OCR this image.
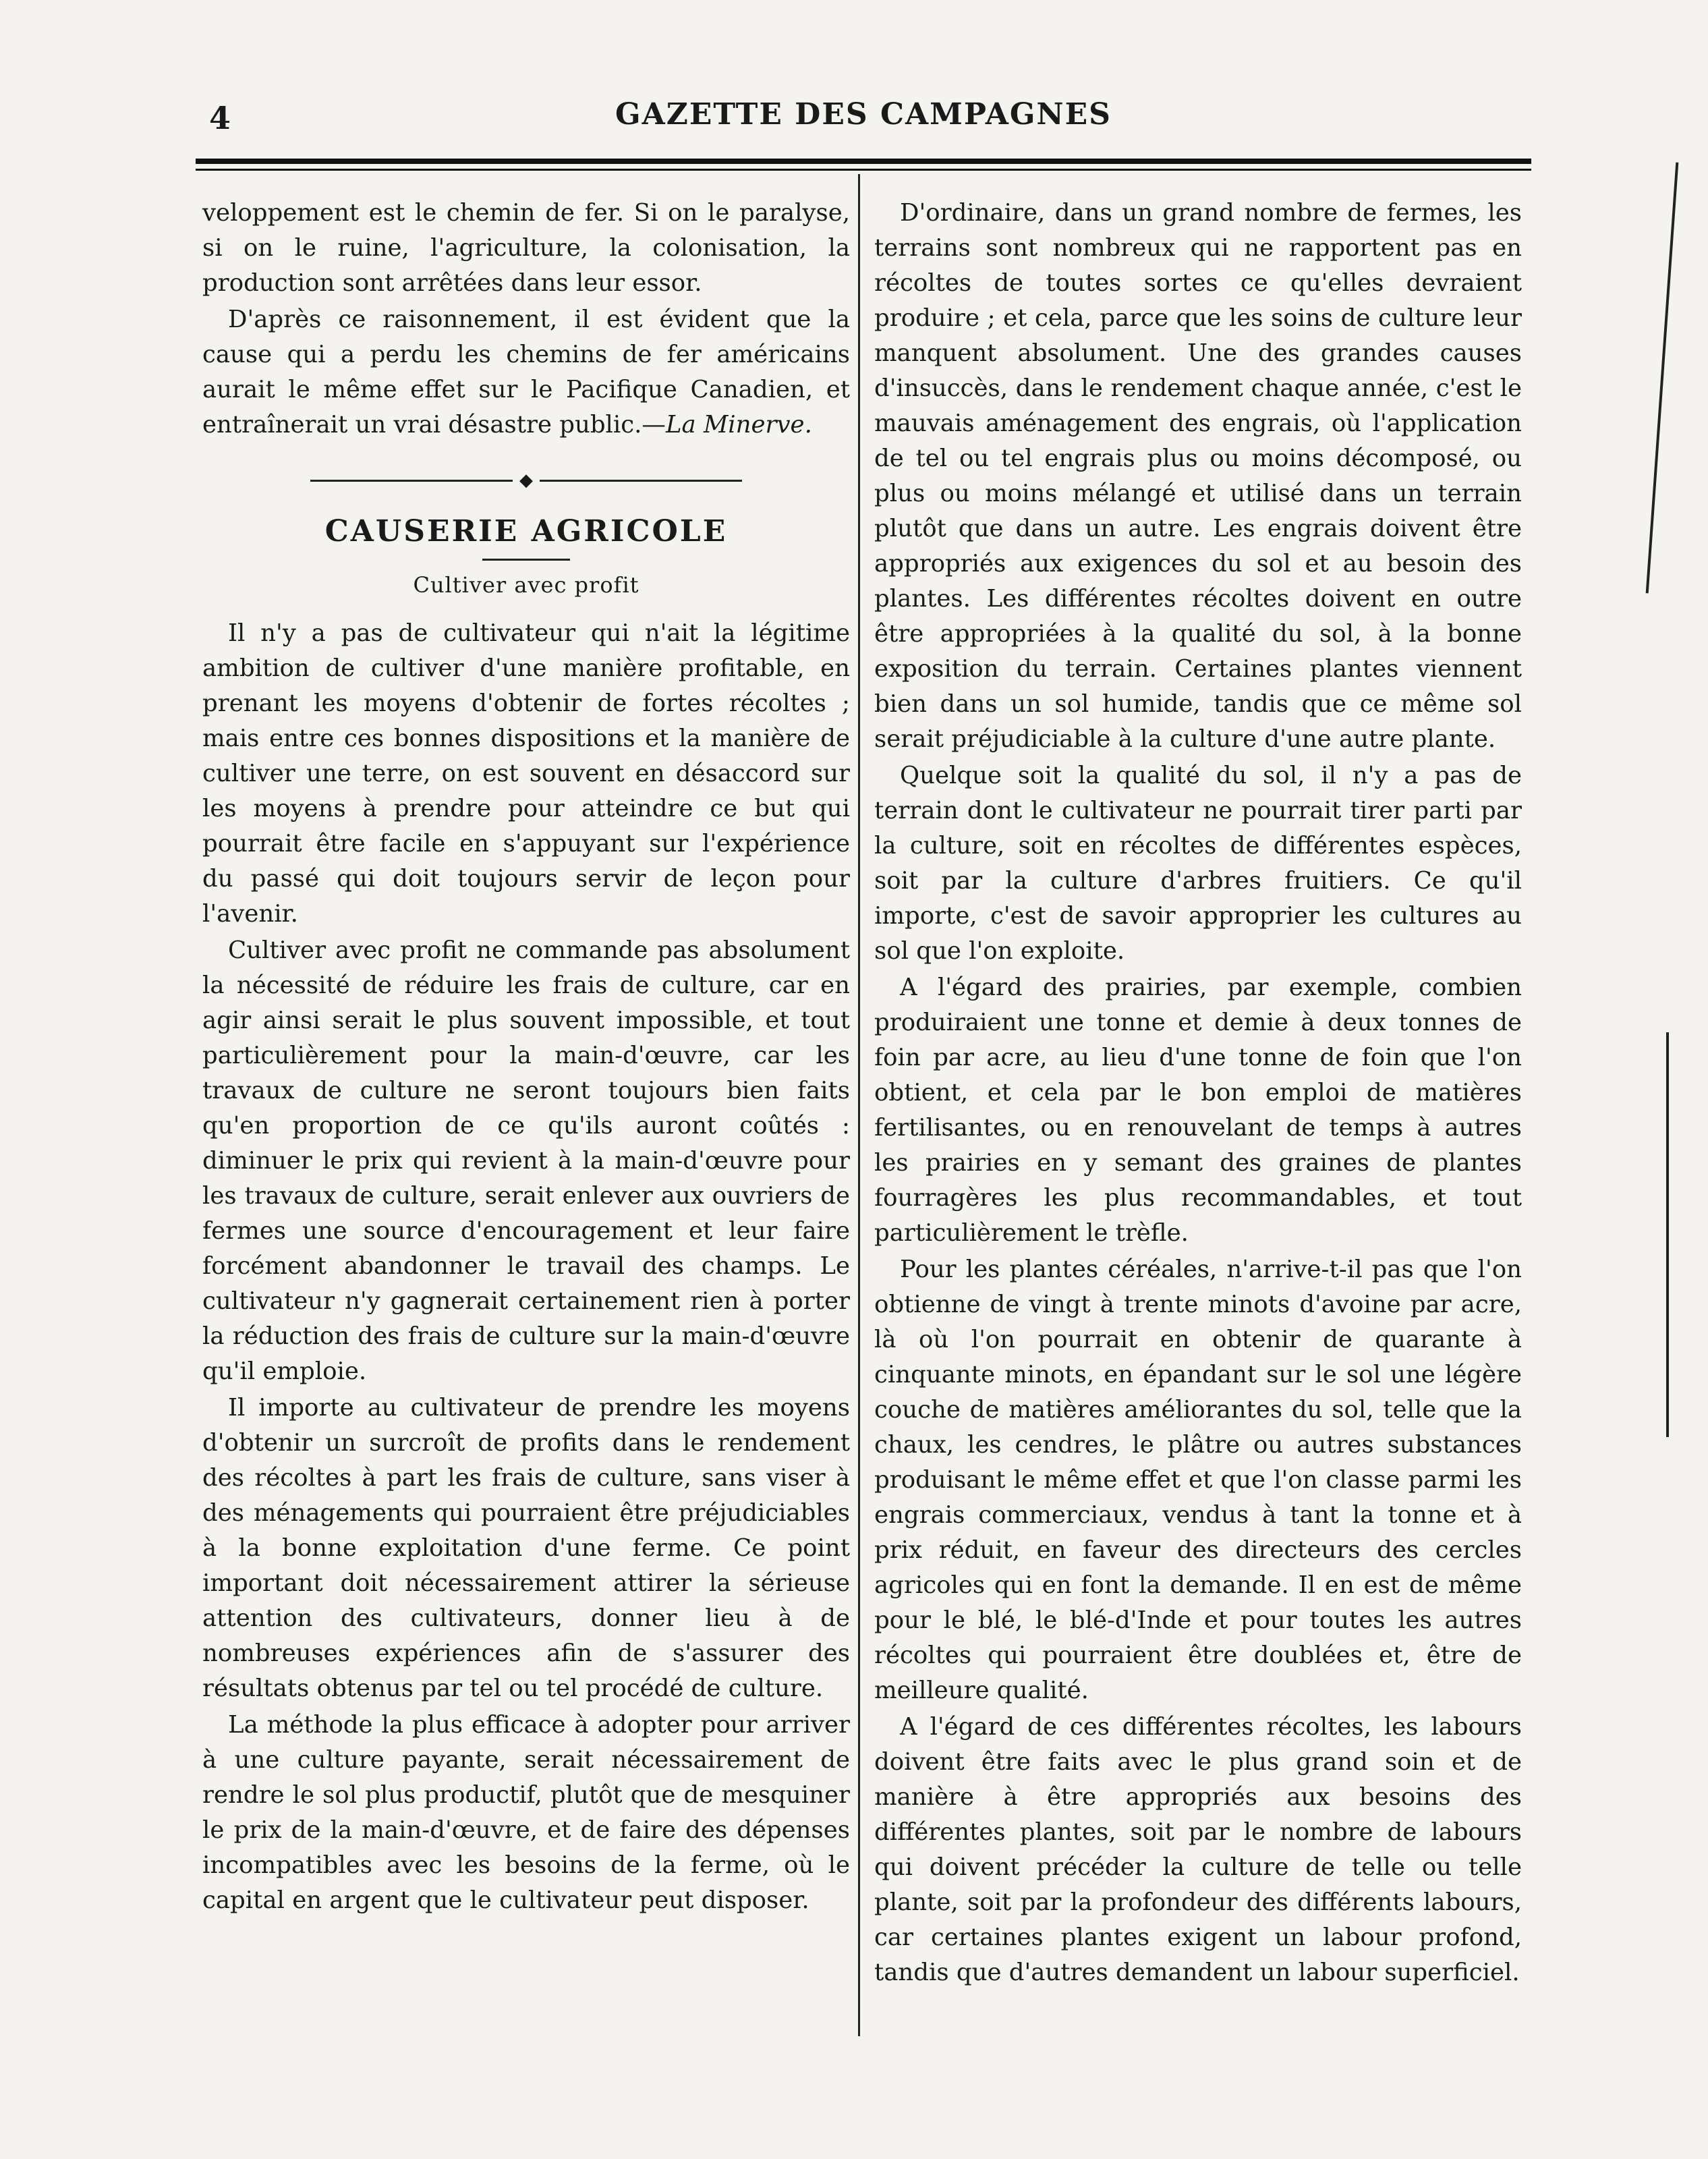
4	GAZETTE DES CAMPAGNES

veloppement est le chemin de fer. Si on le paralyse, si on le ruine, l'agriculture, la colonisation, la production sont arrêtées dans leur essor.

D'après ce raisonnement, il est évident que la cause qui a perdu les chemins de fer américains aurait le même effet sur le Pacifique Canadien, et entraînerait un vrai désastre public.—La Minerve.

◆
CAUSERIE AGRICOLE
Cultiver avec profit

Il n'y a pas de cultivateur qui n'ait la légitime ambition de cultiver d'une manière profitable, en prenant les moyens d'obtenir de fortes récoltes ; mais entre ces bonnes dispositions et la manière de cultiver une terre, on est souvent en désaccord sur les moyens à prendre pour atteindre ce but qui pourrait être facile en s'appuyant sur l'expérience du passé qui doit toujours servir de leçon pour l'avenir.

Cultiver avec profit ne commande pas absolument la nécessité de réduire les frais de culture, car en agir ainsi serait le plus souvent impossible, et tout particulièrement pour la main-d'œuvre, car les travaux de culture ne seront toujours bien faits qu'en proportion de ce qu'ils auront coûtés : diminuer le prix qui revient à la main-d'œuvre pour les travaux de culture, serait enlever aux ouvriers de fermes une source d'encouragement et leur faire forcément abandonner le travail des champs. Le cultivateur n'y gagnerait certainement rien à porter la réduction des frais de culture sur la main-d'œuvre qu'il emploie.

Il importe au cultivateur de prendre les moyens d'obtenir un surcroît de profits dans le rendement des récoltes à part les frais de culture, sans viser à des ménagements qui pourraient être préjudiciables à la bonne exploitation d'une ferme. Ce point important doit nécessairement attirer la sérieuse attention des cultivateurs, donner lieu à de nombreuses expériences afin de s'assurer des résultats obtenus par tel ou tel procédé de culture.

La méthode la plus efficace à adopter pour arriver à une culture payante, serait nécessairement de rendre le sol plus productif, plutôt que de mesquiner le prix de la main-d'œuvre, et de faire des dépenses incompatibles avec les besoins de la ferme, où le capital en argent que le cultivateur peut disposer.

D'ordinaire, dans un grand nombre de fermes, les terrains sont nombreux qui ne rapportent pas en récoltes de toutes sortes ce qu'elles devraient produire ; et cela, parce que les soins de culture leur manquent absolument. Une des grandes causes d'insuccès, dans le rendement chaque année, c'est le mauvais aménagement des engrais, où l'application de tel ou tel engrais plus ou moins décomposé, ou plus ou moins mélangé et utilisé dans un terrain plutôt que dans un autre. Les engrais doivent être appropriés aux exigences du sol et au besoin des plantes. Les différentes récoltes doivent en outre être appropriées à la qualité du sol, à la bonne exposition du terrain. Certaines plantes viennent bien dans un sol humide, tandis que ce même sol serait préjudiciable à la culture d'une autre plante.

Quelque soit la qualité du sol, il n'y a pas de terrain dont le cultivateur ne pourrait tirer parti par la culture, soit en récoltes de différentes espèces, soit par la culture d'arbres fruitiers. Ce qu'il importe, c'est de savoir approprier les cultures au sol que l'on exploite.

A l'égard des prairies, par exemple, combien produiraient une tonne et demie à deux tonnes de foin par acre, au lieu d'une tonne de foin que l'on obtient, et cela par le bon emploi de matières fertilisantes, ou en renouvelant de temps à autres les prairies en y semant des graines de plantes fourragères les plus recommandables, et tout particulièrement le trèfle.

Pour les plantes céréales, n'arrive-t-il pas que l'on obtienne de vingt à trente minots d'avoine par acre, là où l'on pourrait en obtenir de quarante à cinquante minots, en épandant sur le sol une légère couche de matières améliorantes du sol, telle que la chaux, les cendres, le plâtre ou autres substances produisant le même effet et que l'on classe parmi les engrais commerciaux, vendus à tant la tonne et à prix réduit, en faveur des directeurs des cercles agricoles qui en font la demande. Il en est de même pour le blé, le blé-d'Inde et pour toutes les autres récoltes qui pourraient être doublées et, être de meilleure qualité.

A l'égard de ces différentes récoltes, les labours doivent être faits avec le plus grand soin et de manière à être appropriés aux besoins des différentes plantes, soit par le nombre de labours qui doivent précéder la culture de telle ou telle plante, soit par la profondeur des différents labours, car certaines plantes exigent un labour profond, tandis que d'autres demandent un labour superficiel.
